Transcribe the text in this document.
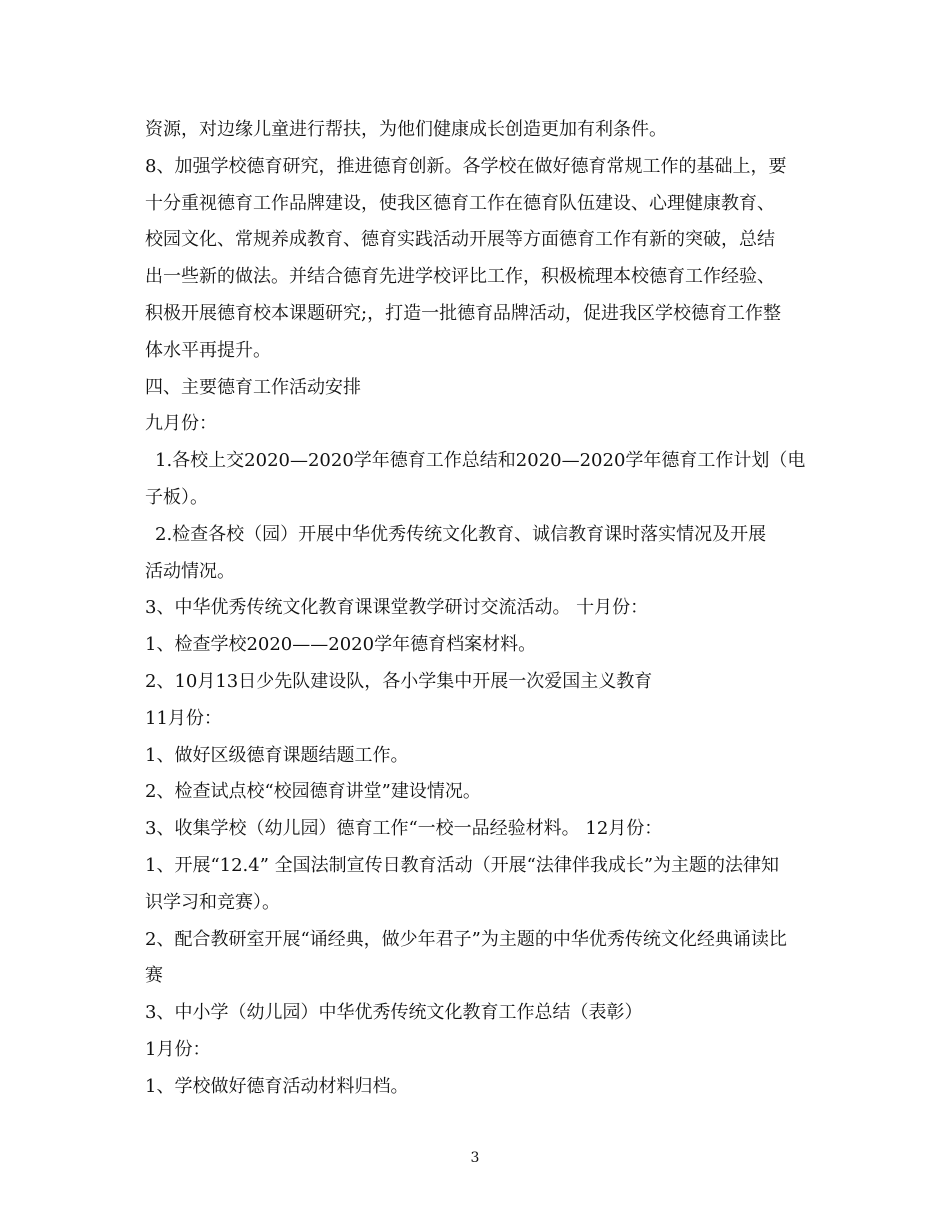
资源，对边缘儿童进行帮扶，为他们健康成长创造更加有利条件。
8、加强学校德育研究，推进德育创新。各学校在做好德育常规工作的基础上，要
十分重视德育工作品牌建设，使我区德育工作在德育队伍建设、心理健康教育、
校园文化、常规养成教育、德育实践活动开展等方面德育工作有新的突破，总结
出一些新的做法。并结合德育先进学校评比工作，积极梳理本校德育工作经验、
积极开展德育校本课题研究;，打造一批德育品牌活动，促进我区学校德育工作整
体水平再提升。
四、主要德育工作活动安排
九月份：
1.各校上交2020—2020学年德育工作总结和2020—2020学年德育工作计划（电
子板）。
2.检查各校（园）开展中华优秀传统文化教育、诚信教育课时落实情况及开展
活动情况。
3、中华优秀传统文化教育课课堂教学研讨交流活动。 十月份：
1、检查学校2020——2020学年德育档案材料。
2、10月13日少先队建设队，各小学集中开展一次爱国主义教育
11月份：
1、做好区级德育课题结题工作。
2、检查试点校“校园德育讲堂”建设情况。
3、收集学校（幼儿园）德育工作“一校一品经验材料。 12月份：
1、开展“12.4” 全国法制宣传日教育活动（开展“法律伴我成长”为主题的法律知
识学习和竞赛）。
2、配合教研室开展“诵经典，做少年君子”为主题的中华优秀传统文化经典诵读比
赛
3、中小学（幼儿园）中华优秀传统文化教育工作总结（表彰）
1月份：
1、学校做好德育活动材料归档。
3
